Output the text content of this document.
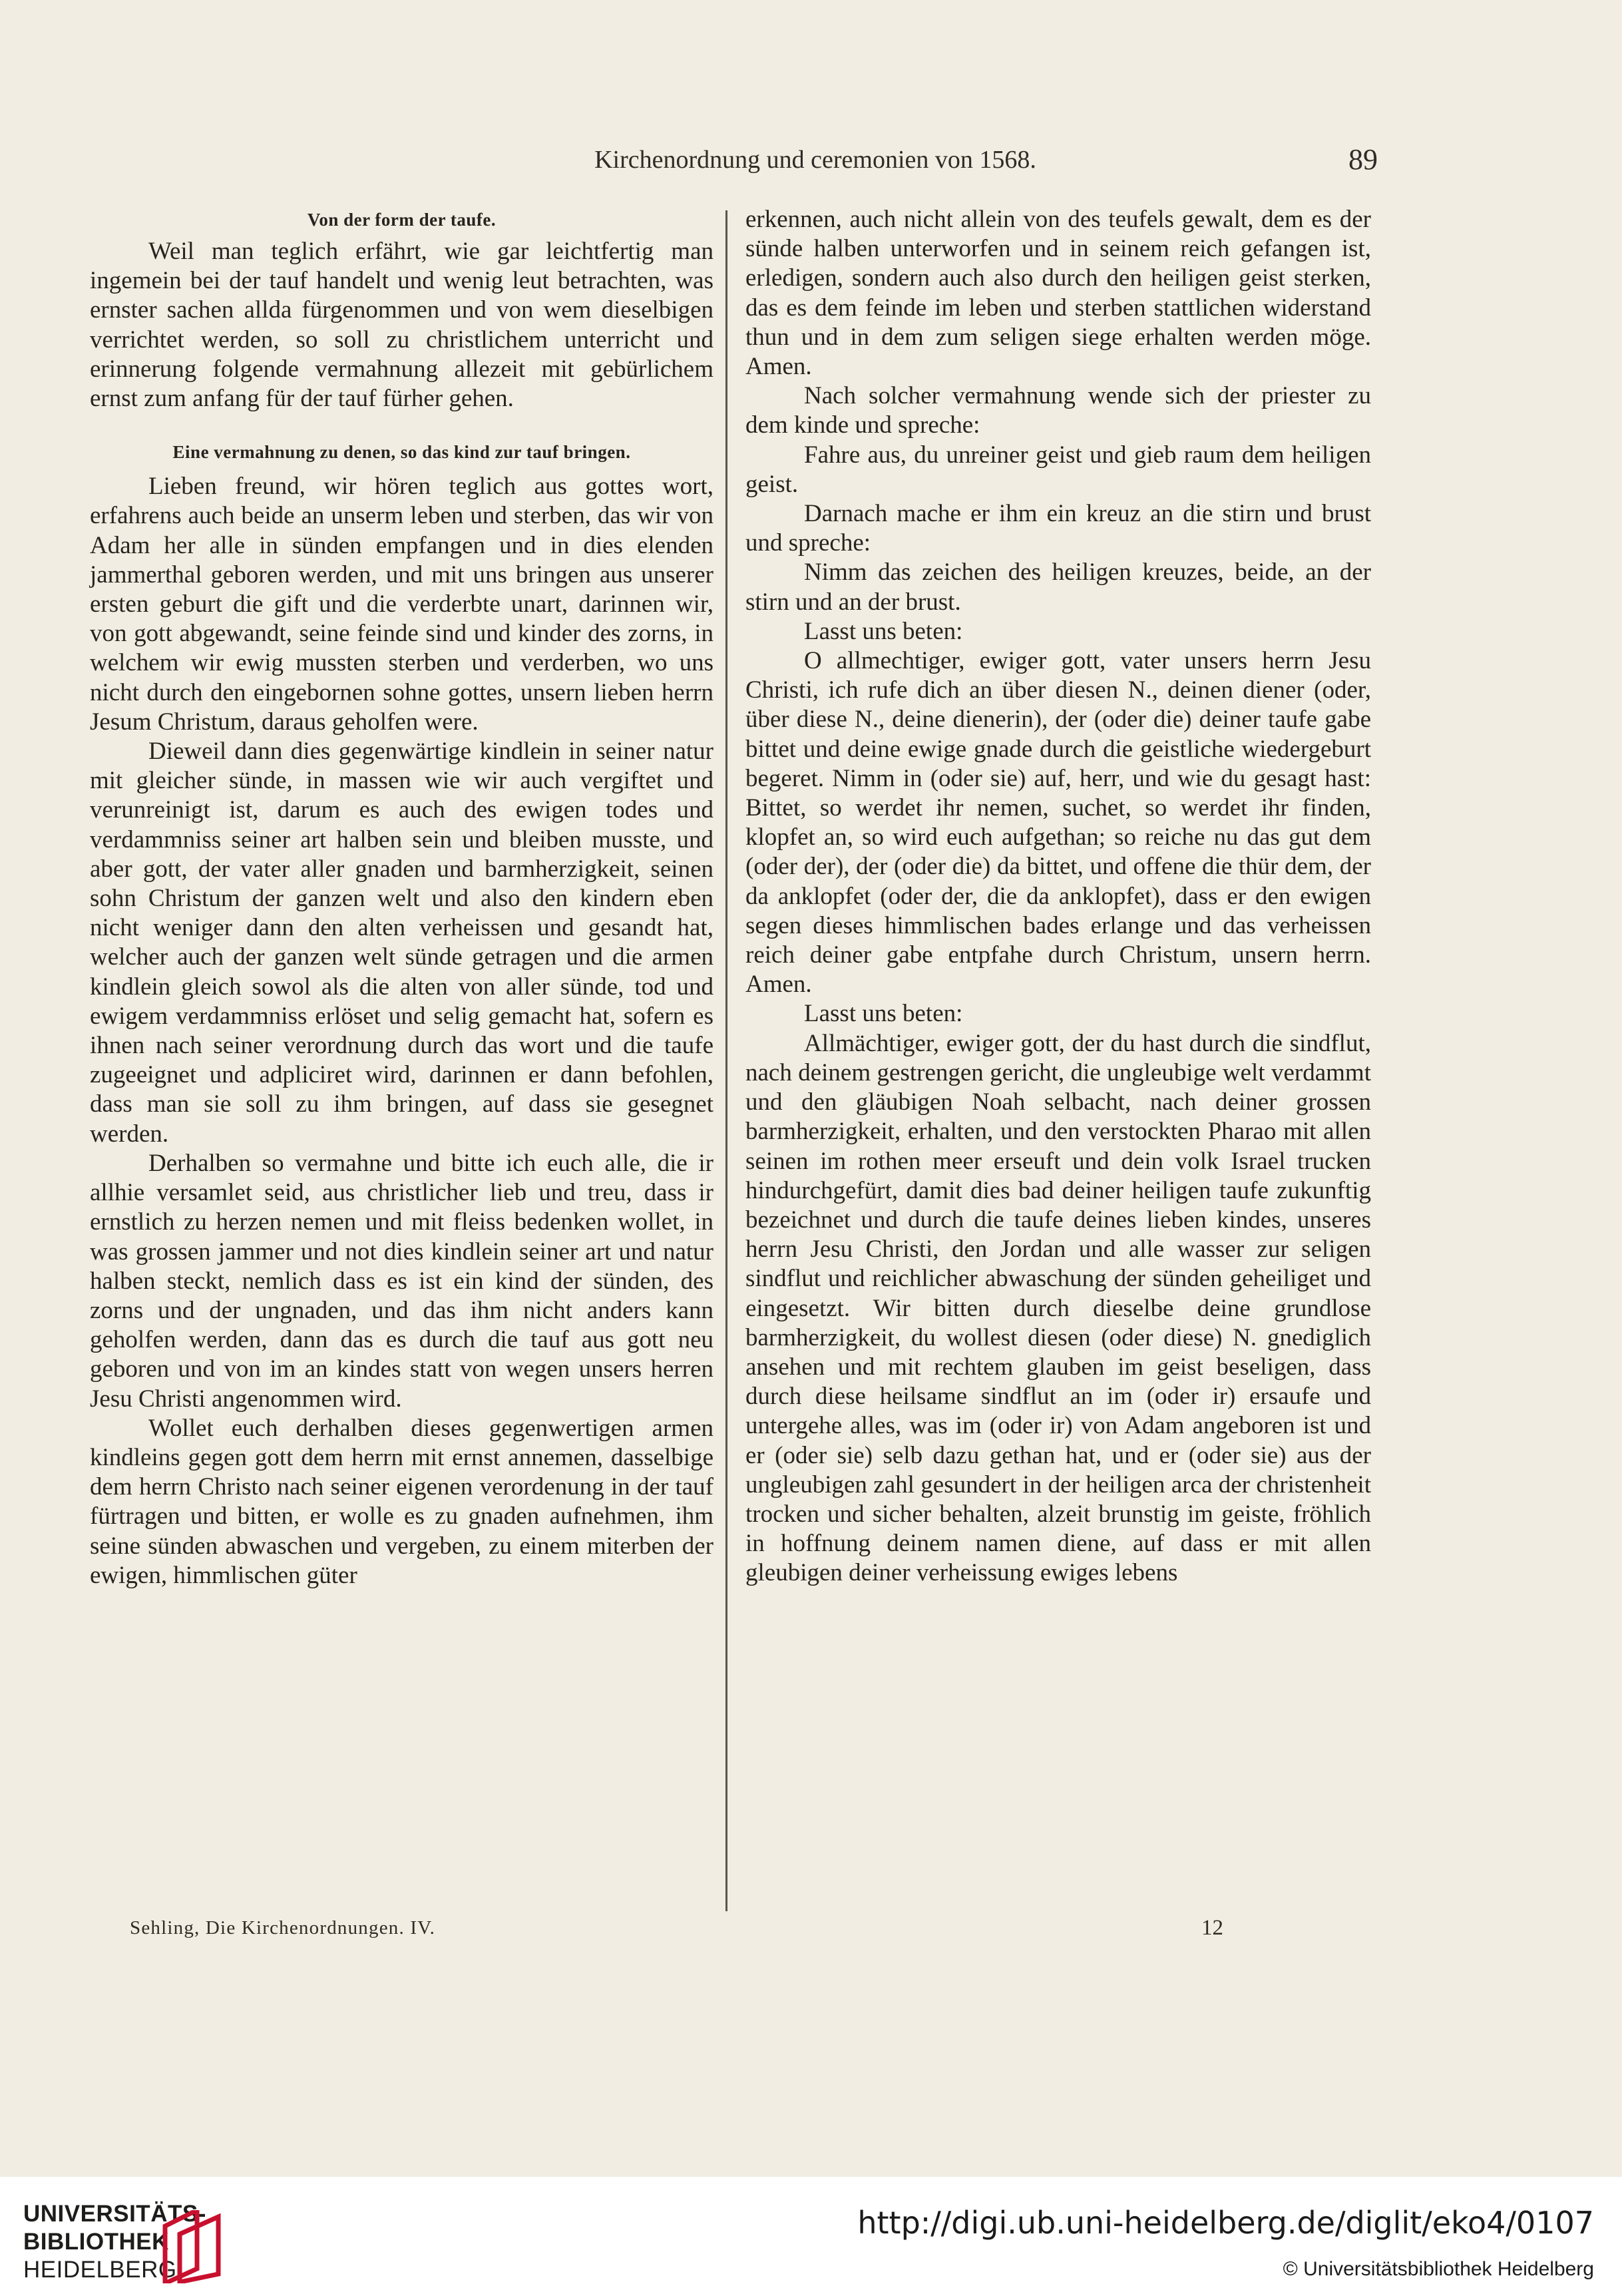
Kirchenordnung und ceremonien von 1568.	89
Von der form der taufe.

Weil man teglich erfährt, wie gar leichtfertig man ingemein bei der tauf handelt und wenig leut betrachten, was ernster sachen allda fürgenommen und von wem dieselbigen verrichtet werden, so soll zu christlichem unterricht und erinnerung folgende vermahnung allezeit mit gebürlichem ernst zum anfang für der tauf fürher gehen.

Eine vermahnung zu denen, so das kind zur tauf bringen.

Lieben freund, wir hören teglich aus gottes wort, erfahrens auch beide an unserm leben und sterben, das wir von Adam her alle in sünden empfangen und in dies elenden jammerthal geboren werden, und mit uns bringen aus unserer ersten geburt die gift und die verderbte unart, darinnen wir, von gott abgewandt, seine feinde sind und kinder des zorns, in welchem wir ewig mussten sterben und verderben, wo uns nicht durch den eingebornen sohne gottes, unsern lieben herrn Jesum Christum, daraus geholfen were.

Dieweil dann dies gegenwärtige kindlein in seiner natur mit gleicher sünde, in massen wie wir auch vergiftet und verunreinigt ist, darum es auch des ewigen todes und verdammniss seiner art halben sein und bleiben musste, und aber gott, der vater aller gnaden und barmherzigkeit, seinen sohn Christum der ganzen welt und also den kindern eben nicht weniger dann den alten verheissen und gesandt hat, welcher auch der ganzen welt sünde getragen und die armen kindlein gleich sowol als die alten von aller sünde, tod und ewigem verdammniss erlöset und selig gemacht hat, sofern es ihnen nach seiner verordnung durch das wort und die taufe zugeeignet und adpliciret wird, darinnen er dann befohlen, dass man sie soll zu ihm bringen, auf dass sie gesegnet werden.

Derhalben so vermahne und bitte ich euch alle, die ir allhie versamlet seid, aus christlicher lieb und treu, dass ir ernstlich zu herzen nemen und mit fleiss bedenken wollet, in was grossen jammer und not dies kindlein seiner art und natur halben steckt, nemlich dass es ist ein kind der sünden, des zorns und der ungnaden, und das ihm nicht anders kann geholfen werden, dann das es durch die tauf aus gott neu geboren und von im an kindes statt von wegen unsers herren Jesu Christi angenommen wird.

Wollet euch derhalben dieses gegenwertigen armen kindleins gegen gott dem herrn mit ernst annemen, dasselbige dem herrn Christo nach seiner eigenen verordenung in der tauf fürtragen und bitten, er wolle es zu gnaden aufnehmen, ihm seine sünden abwaschen und vergeben, zu einem miterben der ewigen, himmlischen güter

erkennen, auch nicht allein von des teufels gewalt, dem es der sünde halben unterworfen und in seinem reich gefangen ist, erledigen, sondern auch also durch den heiligen geist sterken, das es dem feinde im leben und sterben stattlichen widerstand thun und in dem zum seligen siege erhalten werden möge. Amen.

Nach solcher vermahnung wende sich der priester zu dem kinde und spreche:

Fahre aus, du unreiner geist und gieb raum dem heiligen geist.

Darnach mache er ihm ein kreuz an die stirn und brust und spreche:

Nimm das zeichen des heiligen kreuzes, beide, an der stirn und an der brust.

Lasst uns beten:

O allmechtiger, ewiger gott, vater unsers herrn Jesu Christi, ich rufe dich an über diesen N., deinen diener (oder, über diese N., deine dienerin), der (oder die) deiner taufe gabe bittet und deine ewige gnade durch die geistliche wiedergeburt begeret. Nimm in (oder sie) auf, herr, und wie du gesagt hast: Bittet, so werdet ihr nemen, suchet, so werdet ihr finden, klopfet an, so wird euch aufgethan; so reiche nu das gut dem (oder der), der (oder die) da bittet, und offene die thür dem, der da anklopfet (oder der, die da anklopfet), dass er den ewigen segen dieses himmlischen bades erlange und das verheissen reich deiner gabe entpfahe durch Christum, unsern herrn. Amen.

Lasst uns beten:

Allmächtiger, ewiger gott, der du hast durch die sindflut, nach deinem gestrengen gericht, die ungleubige welt verdammt und den gläubigen Noah selbacht, nach deiner grossen barmherzigkeit, erhalten, und den verstockten Pharao mit allen seinen im rothen meer erseuft und dein volk Israel trucken hindurchgefürt, damit dies bad deiner heiligen taufe zukunftig bezeichnet und durch die taufe deines lieben kindes, unseres herrn Jesu Christi, den Jordan und alle wasser zur seligen sindflut und reichlicher abwaschung der sünden geheiliget und eingesetzt. Wir bitten durch dieselbe deine grundlose barmherzigkeit, du wollest diesen (oder diese) N. gnediglich ansehen und mit rechtem glauben im geist beseligen, dass durch diese heilsame sindflut an im (oder ir) ersaufe und untergehe alles, was im (oder ir) von Adam angeboren ist und er (oder sie) selb dazu gethan hat, und er (oder sie) aus der ungleubigen zahl gesundert in der heiligen arca der christenheit trocken und sicher behalten, alzeit brunstig im geiste, fröhlich in hoffnung deinem namen diene, auf dass er mit allen gleubigen deiner verheissung ewiges lebens

Sehling, Die Kirchenordnungen. IV.	12
UNIVERSITÄTS-
BIBLIOTHEK
HEIDELBERG
http://digi.ub.uni-heidelberg.de/diglit/eko4/0107
© Universitätsbibliothek Heidelberg
